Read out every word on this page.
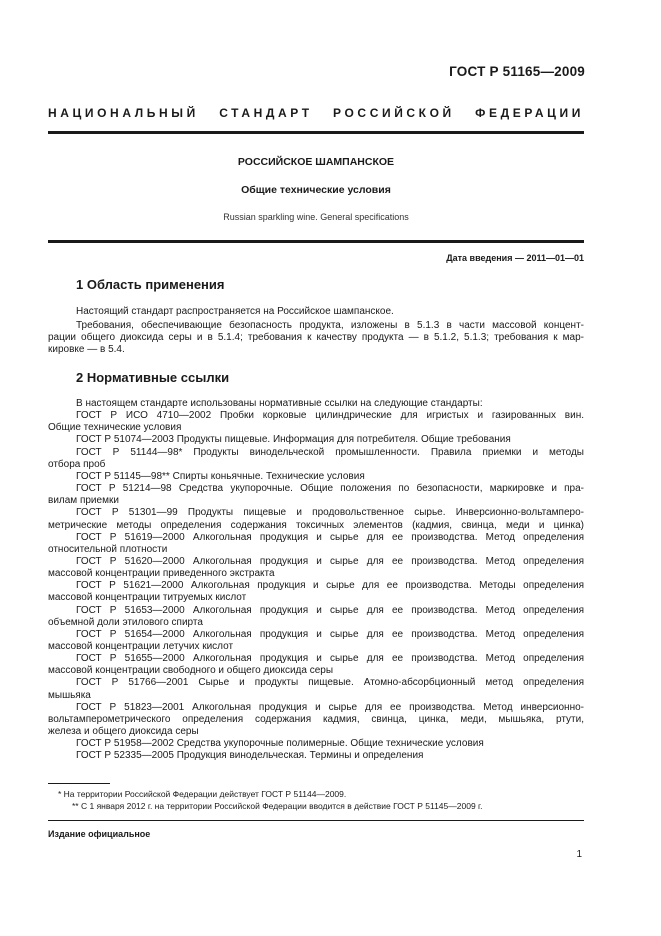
ГОСТ Р 51165—2009
НАЦИОНАЛЬНЫЙ СТАНДАРТ РОССИЙСКОЙ ФЕДЕРАЦИИ
РОССИЙСКОЕ ШАМПАНСКОЕ
Общие технические условия
Russian sparkling wine. General specifications
Дата введения — 2011—01—01
1 Область применения
Настоящий стандарт распространяется на Российское шампанское.
Требования, обеспечивающие безопасность продукта, изложены в 5.1.3 в части массовой концент-
рации общего диоксида серы и в 5.1.4; требования к качеству продукта — в 5.1.2, 5.1.3; требования к мар-
кировке — в 5.4.
2 Нормативные ссылки
В настоящем стандарте использованы нормативные ссылки на следующие стандарты:
ГОСТ Р ИСО 4710—2002 Пробки корковые цилиндрические для игристых и газированных вин.
Общие технические условия
ГОСТ Р 51074—2003 Продукты пищевые. Информация для потребителя. Общие требования
ГОСТ Р 51144—98* Продукты винодельческой промышленности. Правила приемки и методы
отбора проб
ГОСТ Р 51145—98** Спирты коньячные. Технические условия
ГОСТ Р 51214—98 Средства укупорочные. Общие положения по безопасности, маркировке и пра-
вилам приемки
ГОСТ Р 51301—99 Продукты пищевые и продовольственное сырье. Инверсионно-вольтамперо-
метрические методы определения содержания токсичных элементов (кадмия, свинца, меди и цинка)
ГОСТ Р 51619—2000 Алкогольная продукция и сырье для ее производства. Метод определения
относительной плотности
ГОСТ Р 51620—2000 Алкогольная продукция и сырье для ее производства. Метод определения
массовой концентрации приведенного экстракта
ГОСТ Р 51621—2000 Алкогольная продукция и сырье для ее производства. Методы определения
массовой концентрации титруемых кислот
ГОСТ Р 51653—2000 Алкогольная продукция и сырье для ее производства. Метод определения
объемной доли этилового спирта
ГОСТ Р 51654—2000 Алкогольная продукция и сырье для ее производства. Метод определения
массовой концентрации летучих кислот
ГОСТ Р 51655—2000 Алкогольная продукция и сырье для ее производства. Метод определения
массовой концентрации свободного и общего диоксида серы
ГОСТ Р 51766—2001 Сырье и продукты пищевые. Атомно-абсорбционный метод определения
мышьяка
ГОСТ Р 51823—2001 Алкогольная продукция и сырье для ее производства. Метод инверсионно-
вольтамперометрического определения содержания кадмия, свинца, цинка, меди, мышьяка, ртути,
железа и общего диоксида серы
ГОСТ Р 51958—2002 Средства укупорочные полимерные. Общие технические условия
ГОСТ Р 52335—2005 Продукция винодельческая. Термины и определения
* На территории Российской Федерации действует ГОСТ Р 51144—2009.
** С 1 января 2012 г. на территории Российской Федерации вводится в действие ГОСТ Р 51145—2009 г.
Издание официальное
1
